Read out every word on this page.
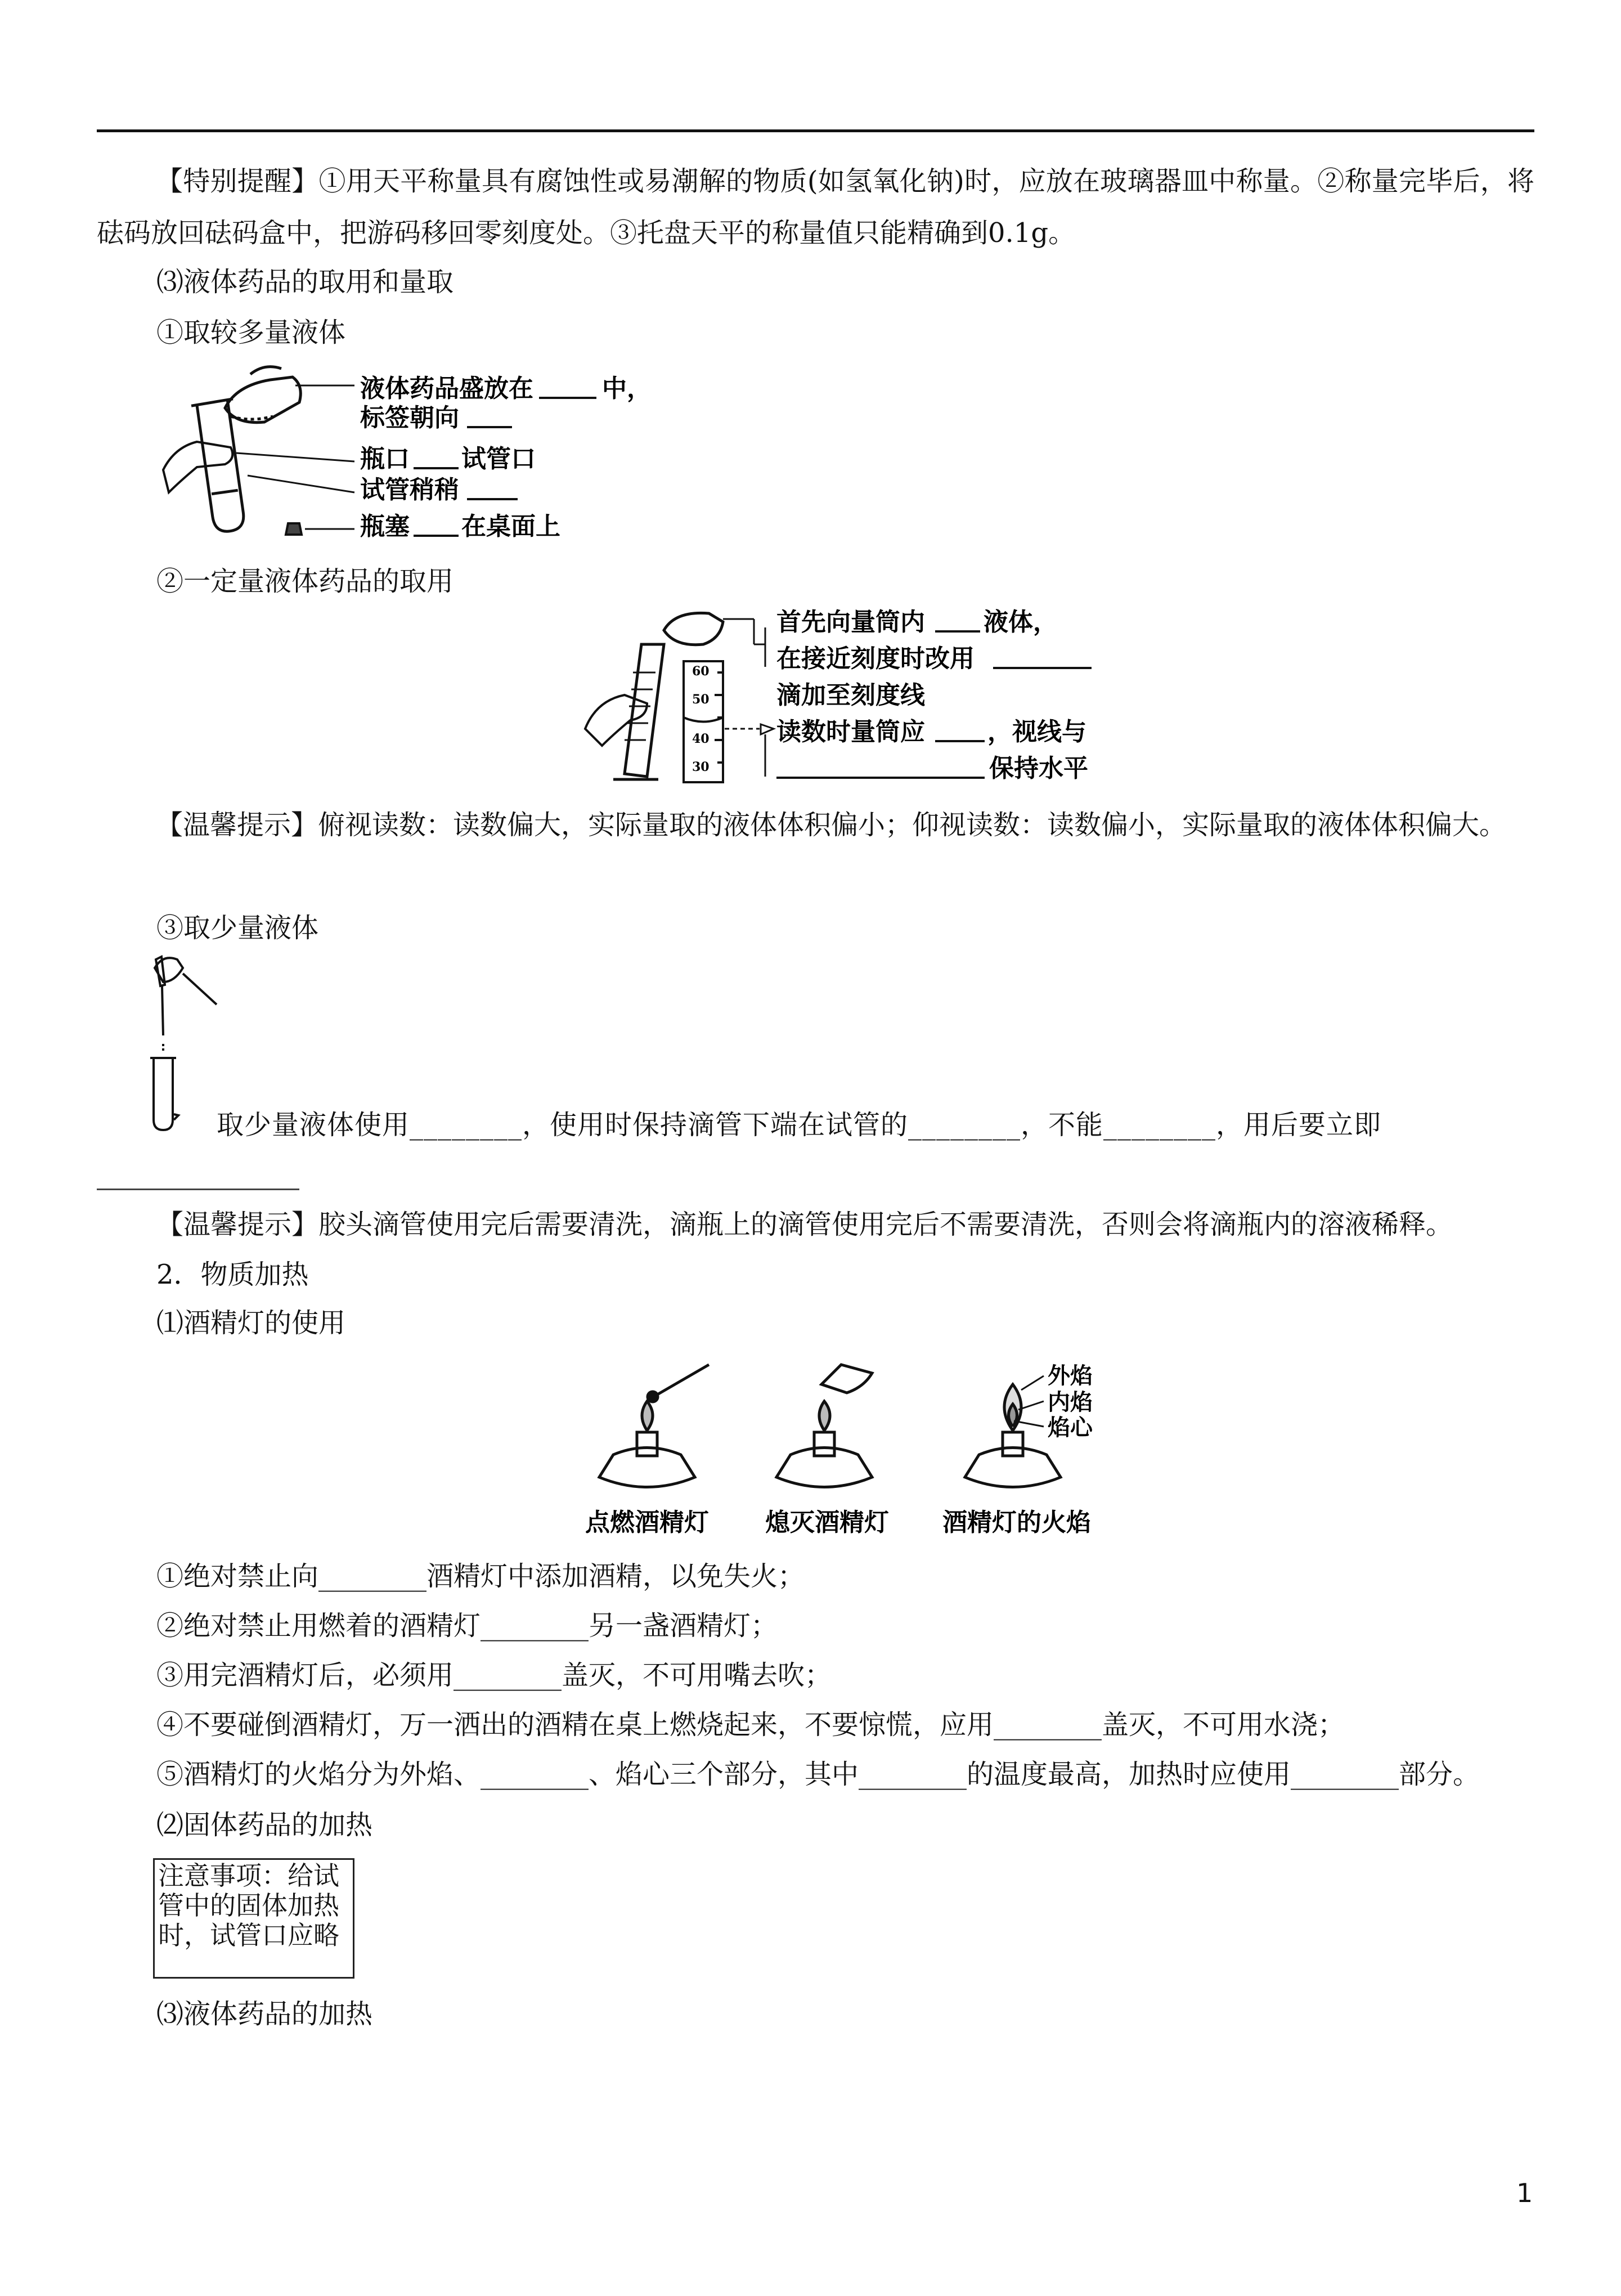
【特别提醒】①用天平称量具有腐蚀性或易潮解的物质(如氢氧化钠)时，应放在玻璃器皿中称量。②称量完毕后，将砝码放回砝码盒中，把游码移回零刻度处。③托盘天平的称量值只能精确到0.1g。
⑶液体药品的取用和量取
①取较多量液体
液体药品盛放在	中，
标签朝向
瓶口 试管口
试管稍稍
瓶塞 在桌面上
②一定量液体药品的取用
60
50
40
30
首先向量筒内 液体，
在接近刻度时改用
滴加至刻度线
读数时量筒应	，视线与
保持水平
【温馨提示】俯视读数：读数偏大，实际量取的液体体积偏小；仰视读数：读数偏小，实际量取的液体体积偏大。
③取少量液体
取少量液体使用________，使用时保持滴管下端在试管的________，不能________，用后要立即
【温馨提示】胶头滴管使用完后需要清洗，滴瓶上的滴管使用完后不需要清洗，否则会将滴瓶内的溶液稀释。
2．物质加热
⑴酒精灯的使用
外焰
内焰
焰心
点燃酒精灯 熄灭酒精灯 酒精灯的火焰
①绝对禁止向________酒精灯中添加酒精，以免失火；
②绝对禁止用燃着的酒精灯________另一盏酒精灯；
③用完酒精灯后，必须用________盖灭，不可用嘴去吹；
④不要碰倒酒精灯，万一洒出的酒精在桌上燃烧起来，不要惊慌，应用________盖灭，不可用水浇；
⑤酒精灯的火焰分为外焰、________、焰心三个部分，其中________的温度最高，加热时应使用________部分。
⑵固体药品的加热
注意事项：给试管中的固体加热时，试管口应略
⑶液体药品的加热
1
